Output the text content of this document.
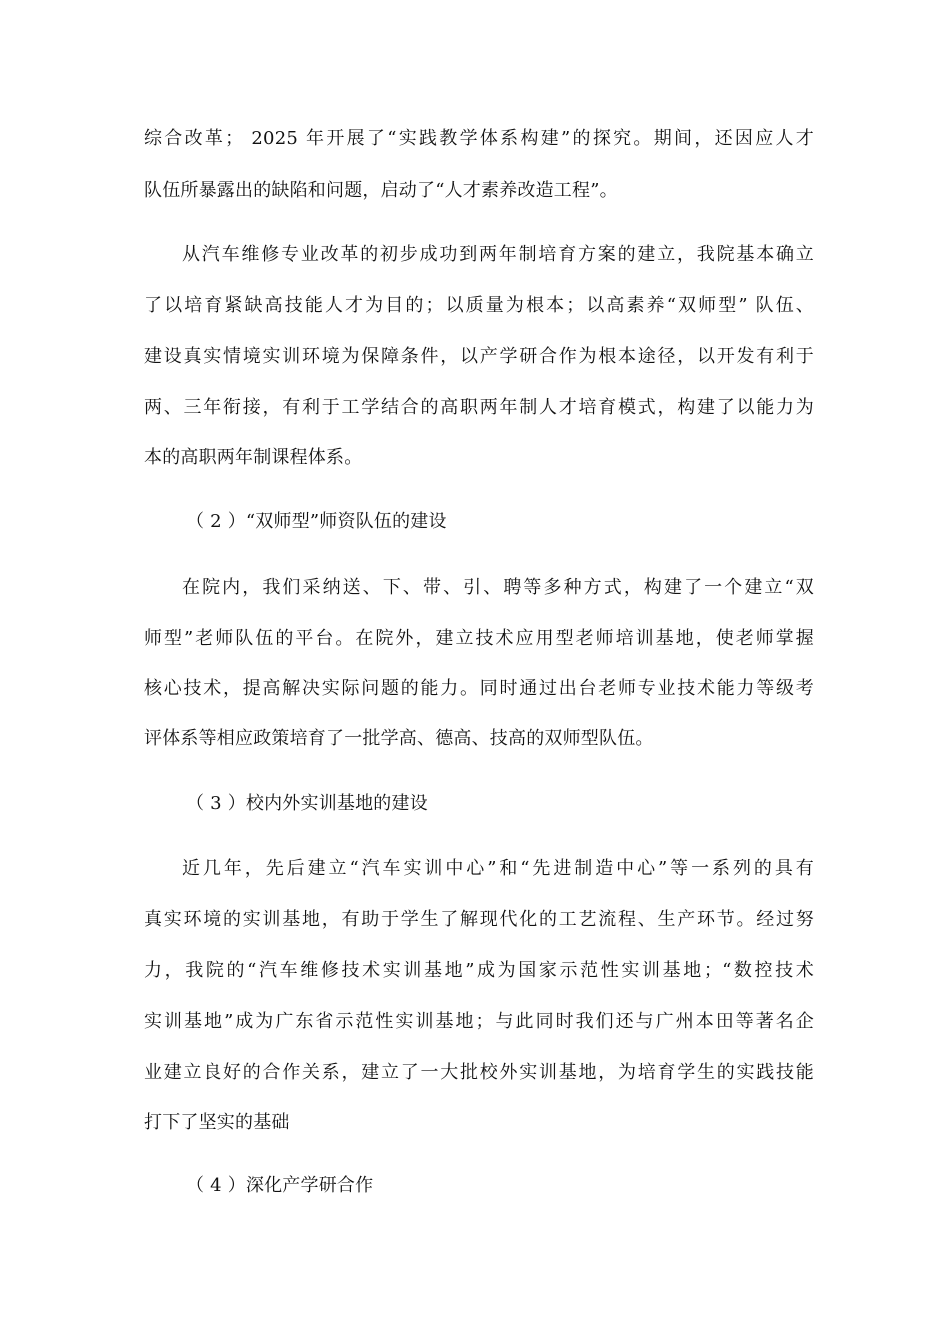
综合改革； 2025 年开展了“实践教学体系构建”的探究。期间，还因应人才
队伍所暴露出的缺陷和问题，启动了“人才素养改造工程”。
从汽车维修专业改革的初步成功到两年制培育方案的建立，我院基本确立
了以培育紧缺高技能人才为目的；以质量为根本；以高素养“双师型” 队伍、
建设真实情境实训环境为保障条件，以产学研合作为根本途径，以开发有利于
两、三年衔接，有利于工学结合的高职两年制人才培育模式，构建了以能力为
本的高职两年制课程体系。
（ 2 ）“双师型”师资队伍的建设
在院内，我们采纳送、下、带、引、聘等多种方式，构建了一个建立“双
师型”老师队伍的平台。在院外，建立技术应用型老师培训基地，使老师掌握
核心技术，提高解决实际问题的能力。同时通过出台老师专业技术能力等级考
评体系等相应政策培育了一批学高、德高、技高的双师型队伍。
（ 3 ）校内外实训基地的建设
近几年，先后建立“汽车实训中心”和“先进制造中心”等一系列的具有
真实环境的实训基地，有助于学生了解现代化的工艺流程、生产环节。经过努
力，我院的“汽车维修技术实训基地”成为国家示范性实训基地；“数控技术
实训基地”成为广东省示范性实训基地；与此同时我们还与广州本田等著名企
业建立良好的合作关系，建立了一大批校外实训基地，为培育学生的实践技能
打下了坚实的基础
（ 4 ）深化产学研合作
